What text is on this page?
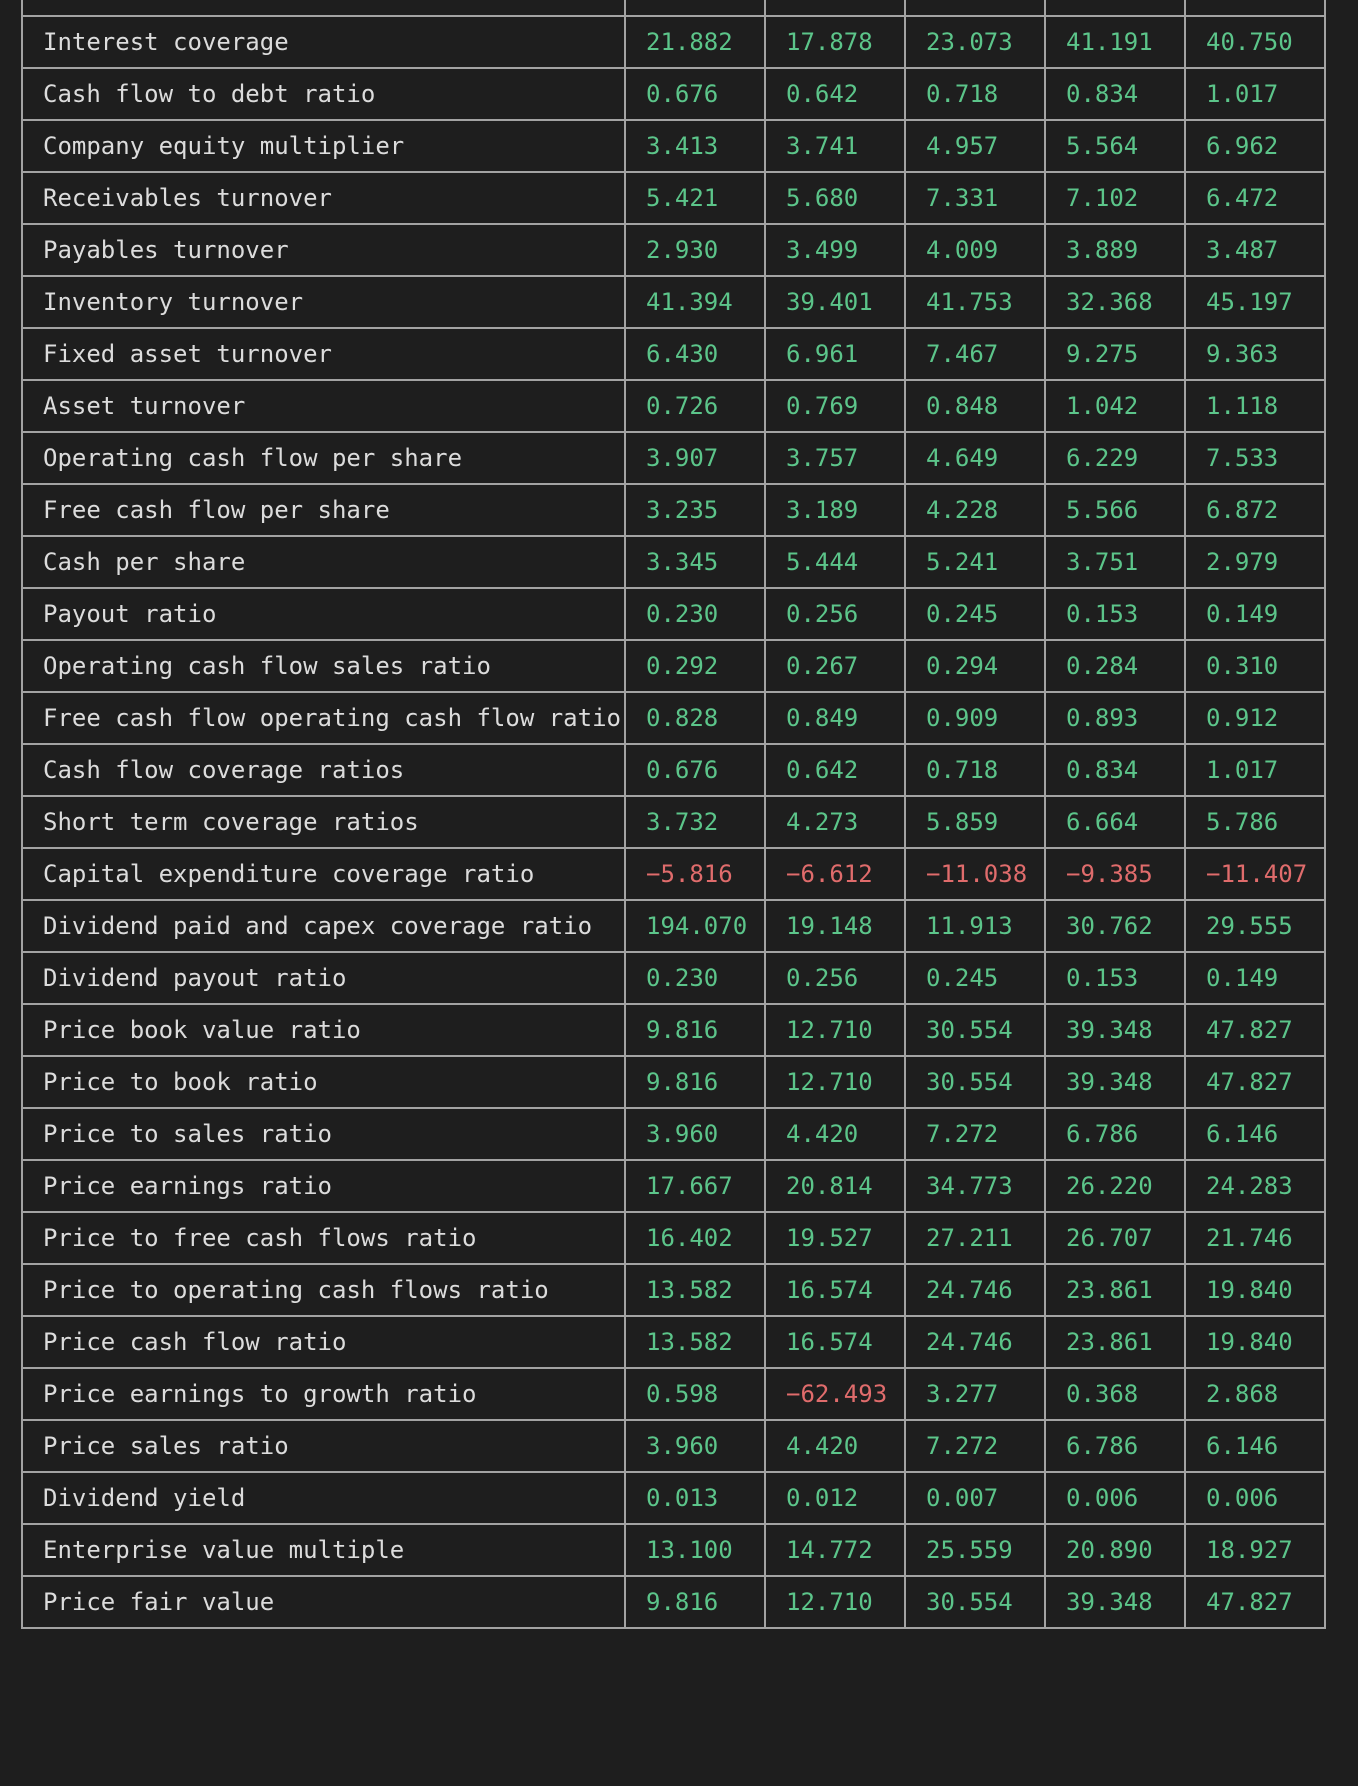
Interest coverage	21.882	17.878	23.073	41.191	40.750
Cash flow to debt ratio	0.676	0.642	0.718	0.834	1.017
Company equity multiplier	3.413	3.741	4.957	5.564	6.962
Receivables turnover	5.421	5.680	7.331	7.102	6.472
Payables turnover	2.930	3.499	4.009	3.889	3.487
Inventory turnover	41.394	39.401	41.753	32.368	45.197
Fixed asset turnover	6.430	6.961	7.467	9.275	9.363
Asset turnover	0.726	0.769	0.848	1.042	1.118
Operating cash flow per share	3.907	3.757	4.649	6.229	7.533
Free cash flow per share	3.235	3.189	4.228	5.566	6.872
Cash per share	3.345	5.444	5.241	3.751	2.979
Payout ratio	0.230	0.256	0.245	0.153	0.149
Operating cash flow sales ratio	0.292	0.267	0.294	0.284	0.310
Free cash flow operating cash flow ratio	0.828	0.849	0.909	0.893	0.912
Cash flow coverage ratios	0.676	0.642	0.718	0.834	1.017
Short term coverage ratios	3.732	4.273	5.859	6.664	5.786
Capital expenditure coverage ratio	−5.816	−6.612	−11.038	−9.385	−11.407
Dividend paid and capex coverage ratio	194.070	19.148	11.913	30.762	29.555
Dividend payout ratio	0.230	0.256	0.245	0.153	0.149
Price book value ratio	9.816	12.710	30.554	39.348	47.827
Price to book ratio	9.816	12.710	30.554	39.348	47.827
Price to sales ratio	3.960	4.420	7.272	6.786	6.146
Price earnings ratio	17.667	20.814	34.773	26.220	24.283
Price to free cash flows ratio	16.402	19.527	27.211	26.707	21.746
Price to operating cash flows ratio	13.582	16.574	24.746	23.861	19.840
Price cash flow ratio	13.582	16.574	24.746	23.861	19.840
Price earnings to growth ratio	0.598	−62.493	3.277	0.368	2.868
Price sales ratio	3.960	4.420	7.272	6.786	6.146
Dividend yield	0.013	0.012	0.007	0.006	0.006
Enterprise value multiple	13.100	14.772	25.559	20.890	18.927
Price fair value	9.816	12.710	30.554	39.348	47.827
